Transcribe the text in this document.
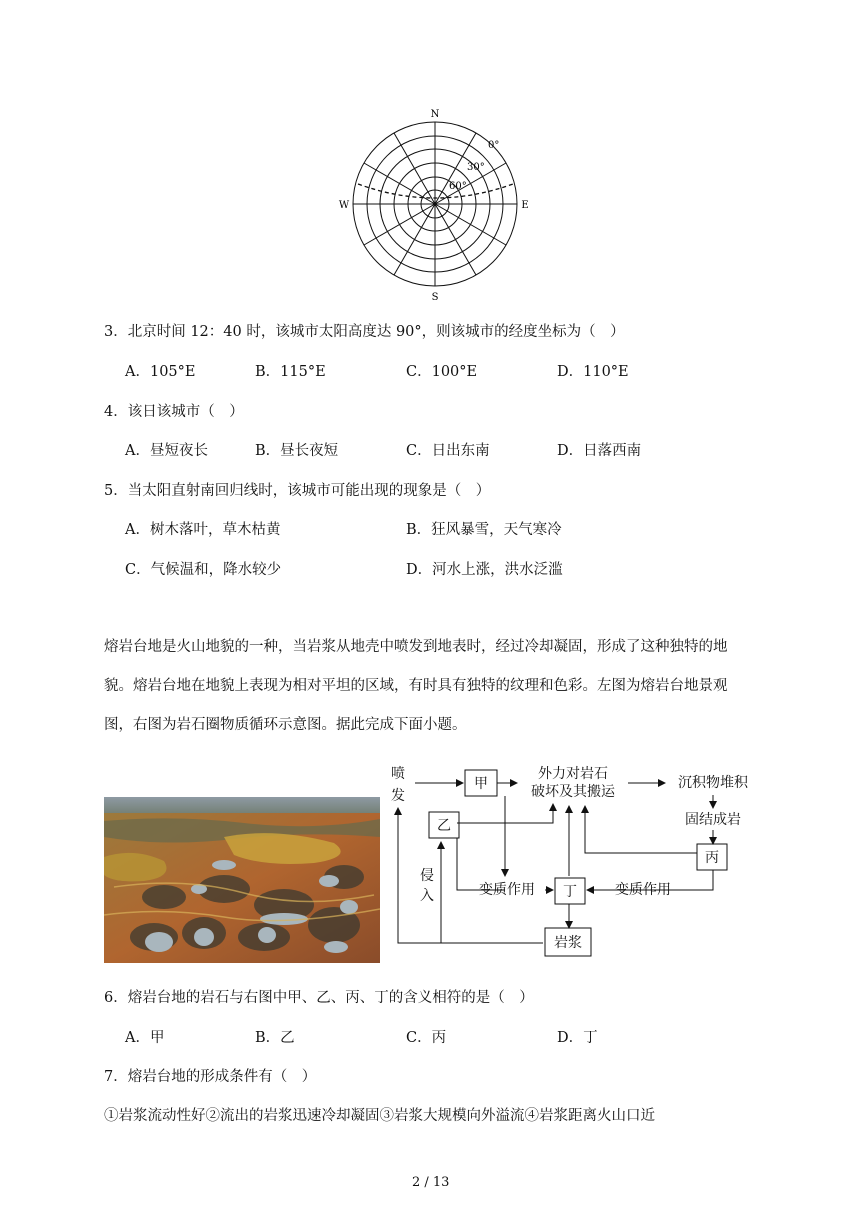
N
S
W	E
0°
30°
60°
3．北京时间 12：40 时，该城市太阳高度达 90°，则该城市的经度坐标为（　）
A．105°E	B．115°E	C．100°E	D．110°E
4．该日该城市（　）
A．昼短夜长	B．昼长夜短	C．日出东南	D．日落西南
5．当太阳直射南回归线时，该城市可能出现的现象是（　）
A．树木落叶，草木枯黄	B．狂风暴雪，天气寒冷
C．气候温和，降水较少	D．河水上涨，洪水泛滥
熔岩台地是火山地貌的一种，当岩浆从地壳中喷发到地表时，经过冷却凝固，形成了这种独特的地
貌。熔岩台地在地貌上表现为相对平坦的区域，有时具有独特的纹理和色彩。左图为熔岩台地景观
图，右图为岩石圈物质循环示意图。据此完成下面小题。
喷
发
甲
乙
丙
丁
岩浆
外力对岩石
破坏及其搬运
沉积物堆积
固结成岩
侵
入	变质作用	变质作用
6．熔岩台地的岩石与右图中甲、乙、丙、丁的含义相符的是（　）
A．甲	B．乙	C．丙	D．丁
7．熔岩台地的形成条件有（　）
①岩浆流动性好②流出的岩浆迅速冷却凝固③岩浆大规模向外溢流④岩浆距离火山口近
2 / 13
